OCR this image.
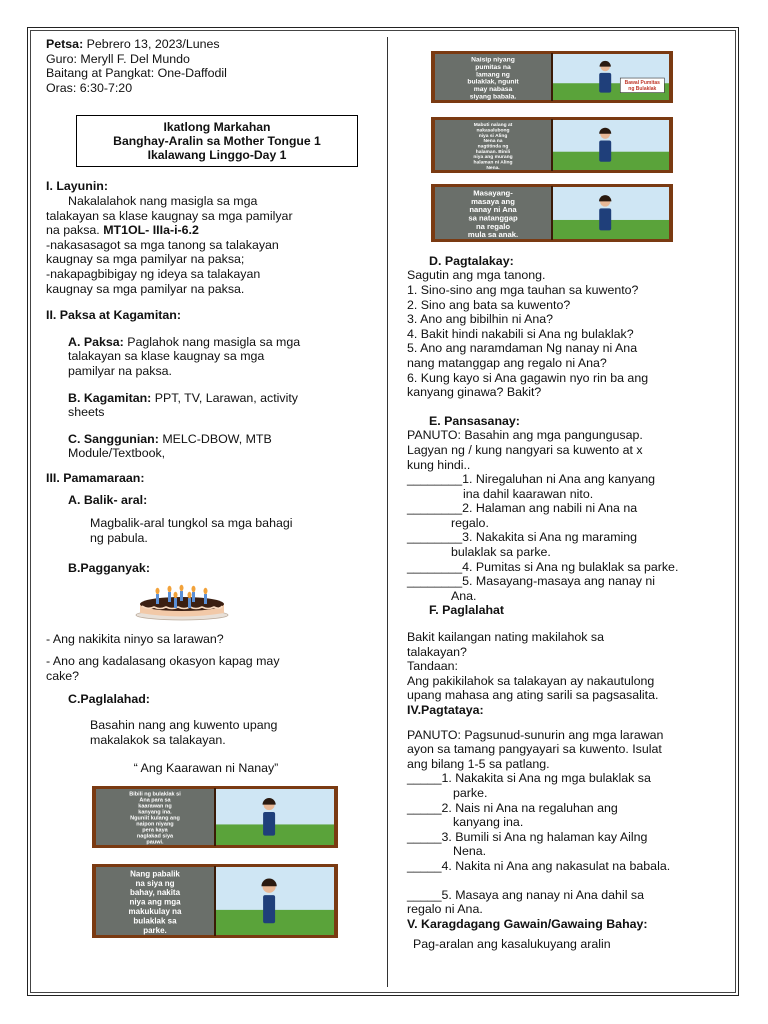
Petsa: Pebrero 13, 2023/Lunes

Guro: Meryll F. Del Mundo

Baitang at Pangkat: One-Daffodil

Oras: 6:30-7:20

Ikatlong Markahan

Banghay-Aralin sa Mother Tongue 1

Ikalawang Linggo-Day 1

I. Layunin:

Nakalalahok nang masigla sa mga

talakayan sa klase kaugnay sa mga pamilyar

na paksa. MT1OL- IIIa-i-6.2

-nakasasagot sa mga tanong sa talakayan

kaugnay sa mga pamilyar na paksa;

-nakapagbibigay ng ideya sa talakayan

kaugnay sa mga pamilyar na paksa.

II. Paksa at Kagamitan:

A. Paksa: Paglahok nang masigla sa mga

talakayan sa klase kaugnay sa mga

pamilyar na paksa.

B. Kagamitan: PPT, TV, Larawan, activity

sheets

C. Sanggunian: MELC-DBOW, MTB

Module/Textbook,

III. Pamamaraan:

A. Balik- aral:

Magbalik-aral tungkol sa mga bahagi

ng pabula.

B.Pagganyak:

- Ang nakikita ninyo sa larawan?

- Ano ang kadalasang okasyon kapag may

cake?

C.Paglalahad:

Basahin nang ang kuwento upang

makalakok sa talakayan.

“ Ang Kaarawan ni Nanay”

Bibili ng bulaklak si
Ana para sa
kaarawan ng
kanyang ina.
Nguniit kulang ang
naipon niyang
pera kaya
naglakad siya
pauwi.
Nang pabalik
na siya ng
bahay, nakita
niya ang mga
makukulay na
bulaklak sa
parke.
Naisip niyang
pumitas na
lamang ng
bulaklak, ngunit
may nabasa
siyang babala.
Bawal Pumitas
ng Bulaklak
Mabuti nalang at
nakasalubong
niya si Aling
Nena na
nagtitinda ng
halaman. Binili
niya ang murang
halaman ni Aling
Nena.
Masayang-
masaya ang
nanay ni Ana
sa natanggap
na regalo
mula sa anak.

D. Pagtalakay:

Sagutin ang mga tanong.

1. Sino-sino ang mga tauhan sa kuwento?

2. Sino ang bata sa kuwento?

3. Ano ang bibilhin ni Ana?

4. Bakit hindi nakabili si Ana ng bulaklak?

5. Ano ang naramdaman Ng nanay ni Ana

nang matanggap ang regalo ni Ana?

6. Kung kayo si Ana gagawin nyo rin ba ang

kanyang ginawa? Bakit?

E. Pansasanay:

PANUTO: Basahin ang mga pangungusap.

Lagyan ng / kung nangyari sa kuwento at x

kung hindi..

________1. Niregaluhan ni Ana ang kanyang

ina dahil kaarawan nito.

________2. Halaman ang nabili ni Ana na

regalo.

________3. Nakakita si Ana ng maraming

bulaklak sa parke.

________4. Pumitas si Ana ng bulaklak sa parke.

________5. Masayang-masaya ang nanay ni

Ana.

F. Paglalahat

Bakit kailangan nating makilahok sa

talakayan?

Tandaan:

Ang pakikilahok sa talakayan ay nakautulong

upang mahasa ang ating sarili sa pagsasalita.

IV.Pagtataya:

PANUTO: Pagsunud-sunurin ang mga larawan

ayon sa tamang pangyayari sa kuwento. Isulat

ang bilang 1-5 sa patlang.

_____1. Nakakita si Ana ng mga bulaklak sa

parke.

_____2. Nais ni Ana na regaluhan ang

kanyang ina.

_____3. Bumili si Ana ng halaman kay Ailng

Nena.

_____4. Nakita ni Ana ang nakasulat na babala.

_____5. Masaya ang nanay ni Ana dahil sa

regalo ni Ana.

V. Karagdagang Gawain/Gawaing Bahay:

Pag-aralan ang kasalukuyang aralin
